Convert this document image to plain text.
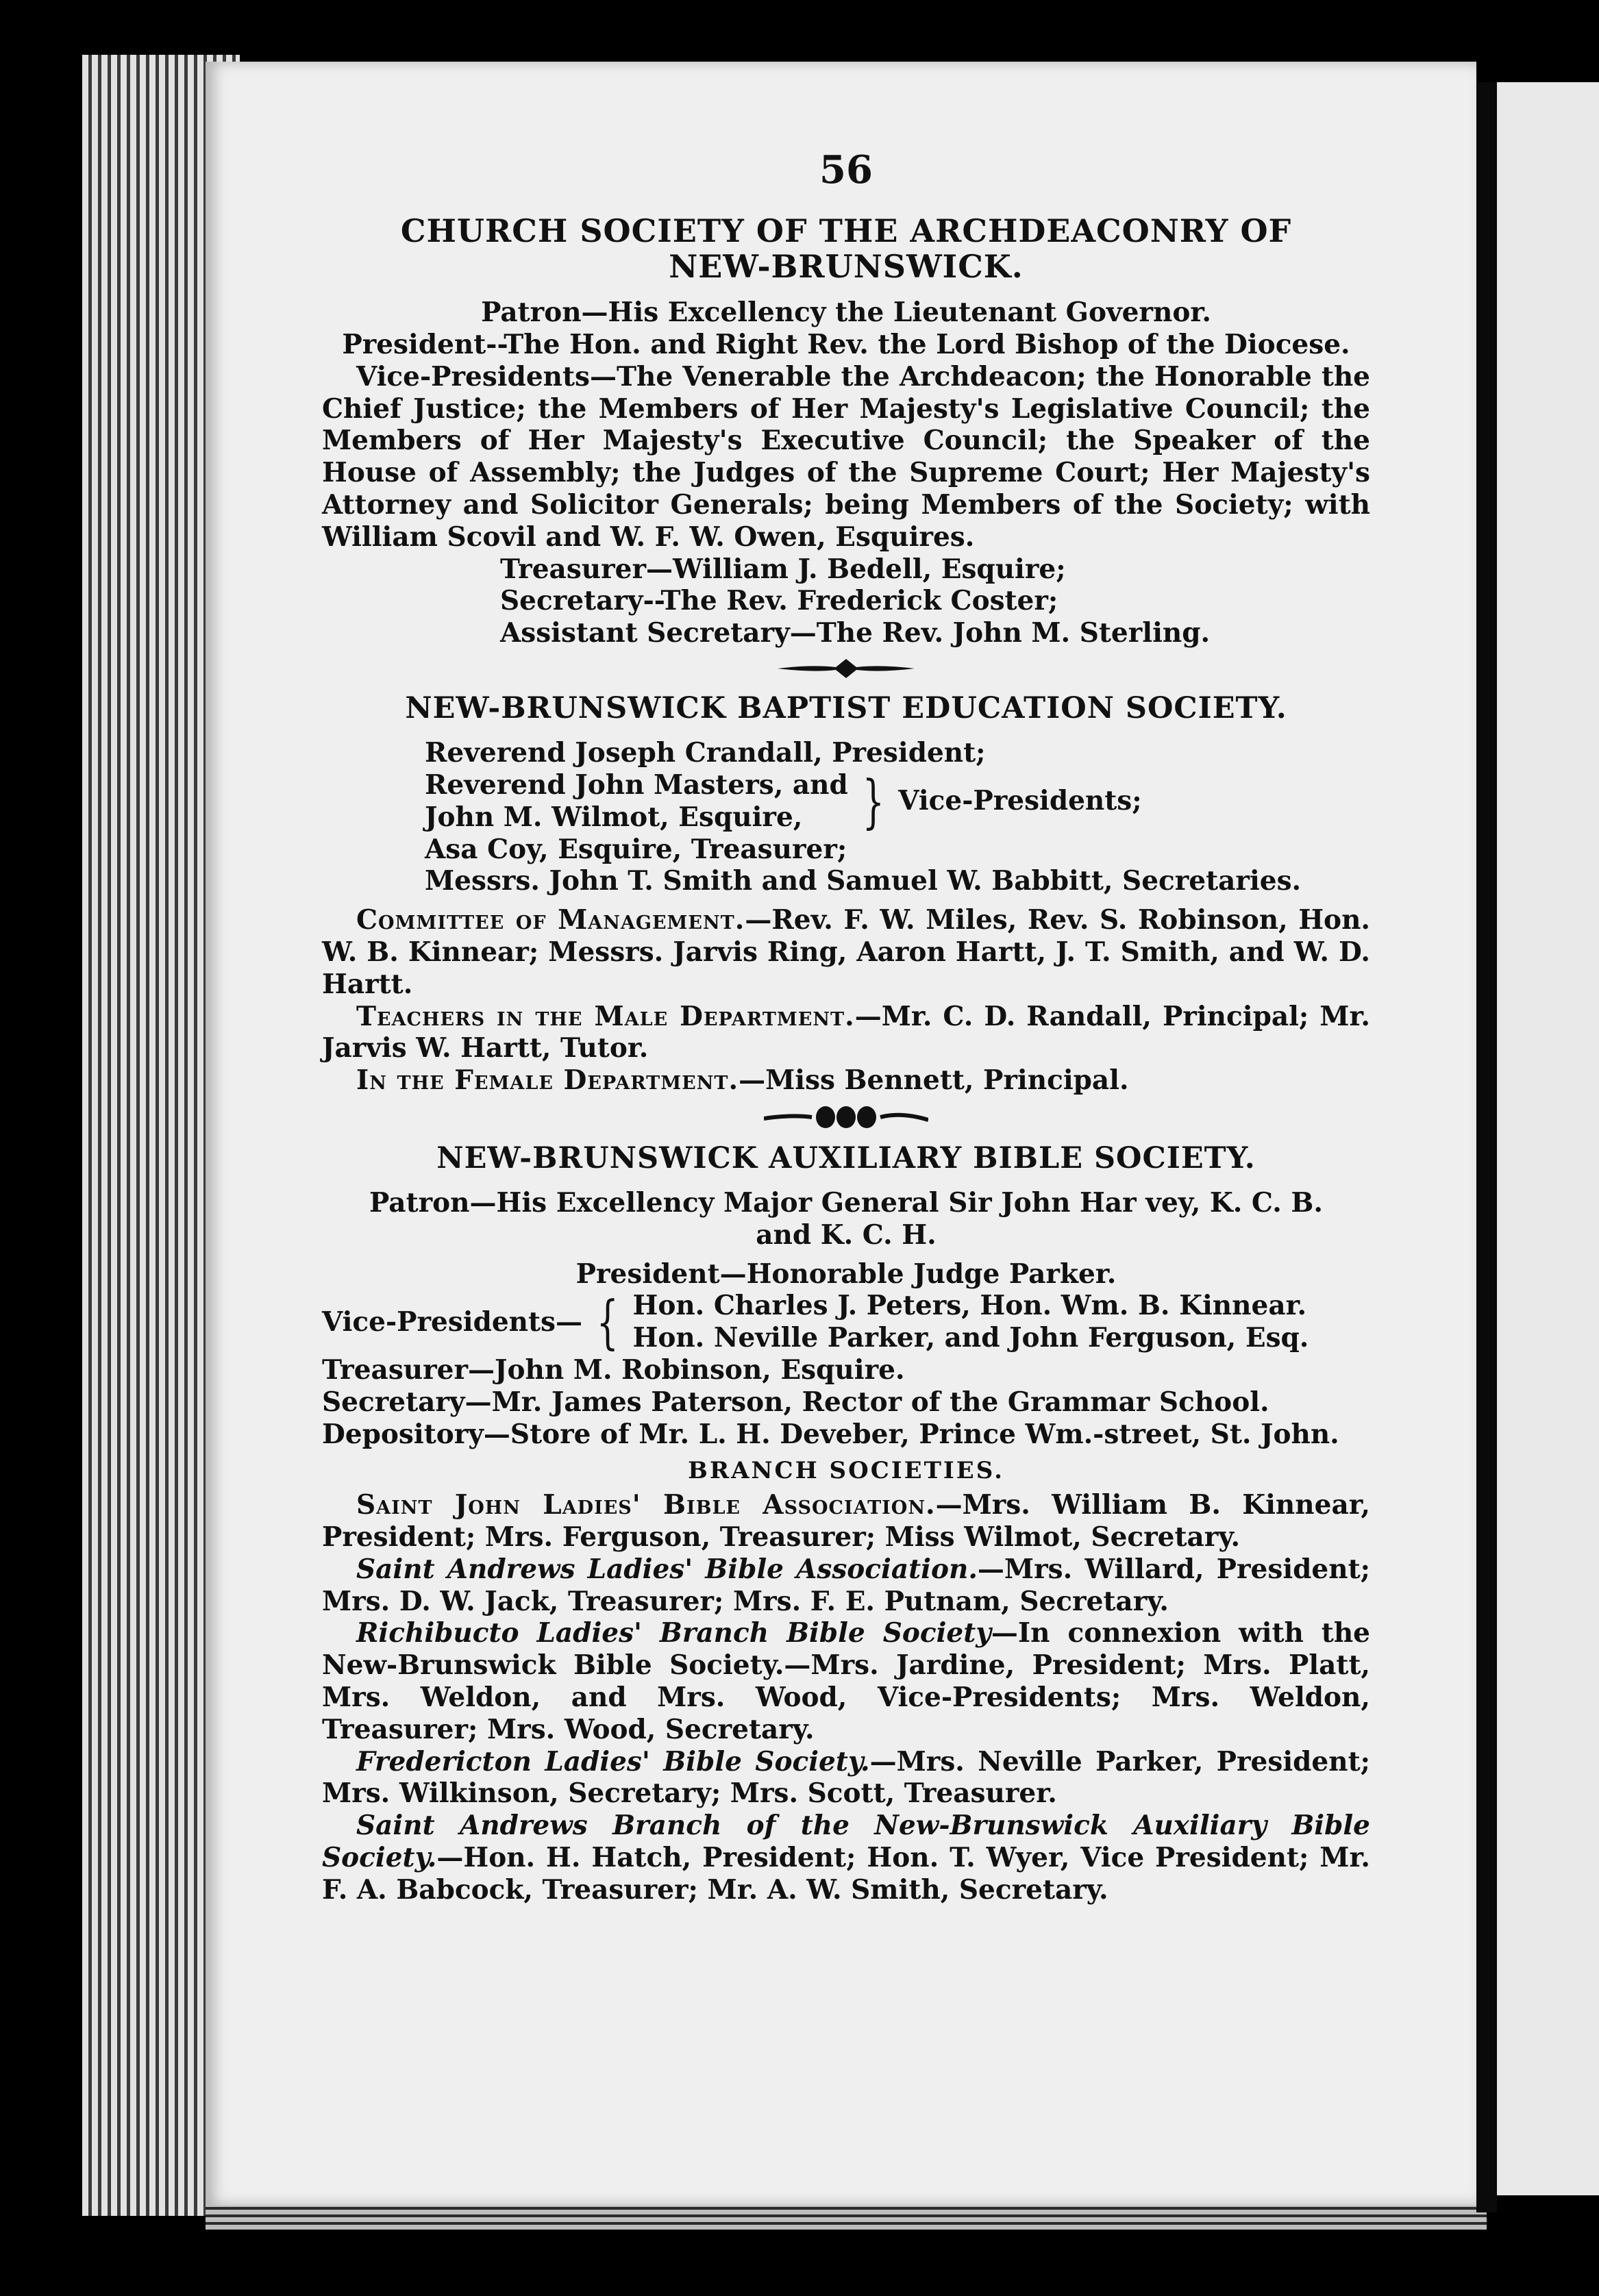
56

CHURCH SOCIETY OF THE ARCHDEACONRY OF
NEW-BRUNSWICK.

Patron—His Excellency the Lieutenant Governor.

President--The Hon. and Right Rev. the Lord Bishop of the Diocese.

Vice-Presidents—The Venerable the Archdeacon; the Honorable the Chief Justice; the Members of Her Majesty's Legislative Council; the Members of Her Majesty's Executive Council; the Speaker of the House of Assembly; the Judges of the Supreme Court; Her Majesty's Attorney and Solicitor Generals; being Members of the Society; with William Scovil and W. F. W. Owen, Esquires.

Treasurer—William J. Bedell, Esquire;

Secretary--The Rev. Frederick Coster;

Assistant Secretary—The Rev. John M. Sterling.

NEW-BRUNSWICK BAPTIST EDUCATION SOCIETY.

Reverend Joseph Crandall, President;

Reverend John Masters, and

John M. Wilmot, Esquire,	} Vice-Presidents;

Asa Coy, Esquire, Treasurer;

Messrs. John T. Smith and Samuel W. Babbitt, Secretaries.

Committee of Management.—Rev. F. W. Miles, Rev. S. Robinson, Hon. W. B. Kinnear; Messrs. Jarvis Ring, Aaron Hartt, J. T. Smith, and W. D. Hartt.

Teachers in the Male Department.—Mr. C. D. Randall, Principal; Mr. Jarvis W. Hartt, Tutor.

In the Female Department.—Miss Bennett, Principal.

NEW-BRUNSWICK AUXILIARY BIBLE SOCIETY.

Patron—His Excellency Major General Sir John Har vey, K. C. B.

and K. C. H.

President—Honorable Judge Parker.

Vice-Presidents— { Hon. Charles J. Peters, Hon. Wm. B. Kinnear.

Hon. Neville Parker, and John Ferguson, Esq.

Treasurer—John M. Robinson, Esquire.

Secretary—Mr. James Paterson, Rector of the Grammar School.

Depository—Store of Mr. L. H. Deveber, Prince Wm.-street, St. John.

BRANCH SOCIETIES.

Saint John Ladies' Bible Association.—Mrs. William B. Kinnear, President; Mrs. Ferguson, Treasurer; Miss Wilmot, Secretary.

Saint Andrews Ladies' Bible Association.—Mrs. Willard, President; Mrs. D. W. Jack, Treasurer; Mrs. F. E. Putnam, Secretary.

Richibucto Ladies' Branch Bible Society—In connexion with the New-Brunswick Bible Society.—Mrs. Jardine, President; Mrs. Platt, Mrs. Weldon, and Mrs. Wood, Vice-Presidents; Mrs. Weldon, Treasurer; Mrs. Wood, Secretary.

Fredericton Ladies' Bible Society.—Mrs. Neville Parker, President; Mrs. Wilkinson, Secretary; Mrs. Scott, Treasurer.

Saint Andrews Branch of the New-Brunswick Auxiliary Bible Society.—Hon. H. Hatch, President; Hon. T. Wyer, Vice President; Mr. F. A. Babcock, Treasurer; Mr. A. W. Smith, Secretary.
